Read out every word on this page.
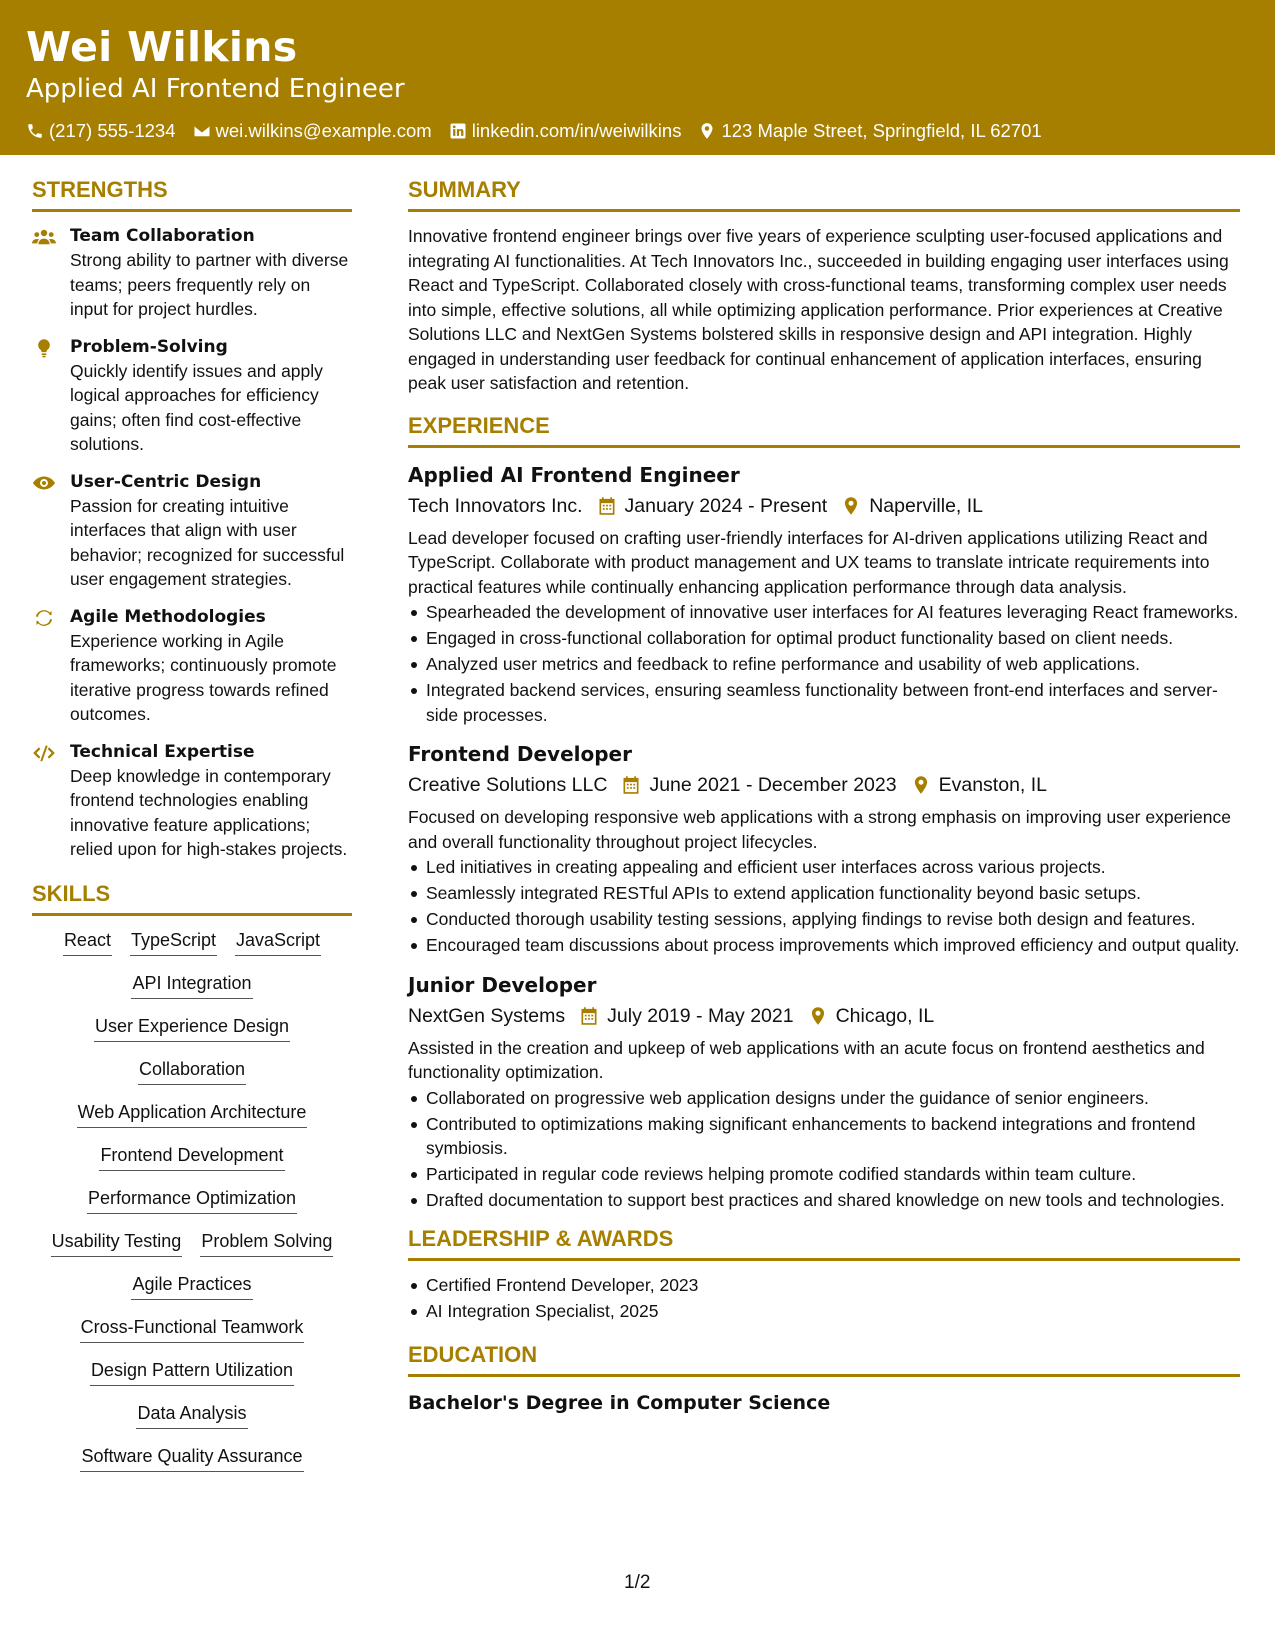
Wei Wilkins
Applied AI Frontend Engineer
(217) 555-1234 wei.wilkins@example.com linkedin.com/in/weiwilkins 123 Maple Street, Springfield, IL 62701
STRENGTHS
Team Collaboration
Strong ability to partner with diverse teams; peers frequently rely on input for project hurdles.
Problem-Solving
Quickly identify issues and apply logical approaches for efficiency gains; often find cost-effective solutions.
User-Centric Design
Passion for creating intuitive interfaces that align with user behavior; recognized for successful user engagement strategies.
Agile Methodologies
Experience working in Agile frameworks; continuously promote iterative progress towards refined outcomes.
Technical Expertise
Deep knowledge in contemporary frontend technologies enabling innovative feature applications; relied upon for high-stakes projects.
SKILLS
React TypeScript JavaScript
API Integration
User Experience Design
Collaboration
Web Application Architecture
Frontend Development
Performance Optimization
Usability Testing Problem Solving
Agile Practices
Cross-Functional Teamwork
Design Pattern Utilization
Data Analysis
Software Quality Assurance
SUMMARY
Innovative frontend engineer brings over five years of experience sculpting user-focused applications and integrating AI functionalities. At Tech Innovators Inc., succeeded in building engaging user interfaces using React and TypeScript. Collaborated closely with cross-functional teams, transforming complex user needs into simple, effective solutions, all while optimizing application performance. Prior experiences at Creative Solutions LLC and NextGen Systems bolstered skills in responsive design and API integration. Highly engaged in understanding user feedback for continual enhancement of application interfaces, ensuring peak user satisfaction and retention.
EXPERIENCE
Applied AI Frontend Engineer
Tech Innovators Inc. January 2024 - Present Naperville, IL
Lead developer focused on crafting user-friendly interfaces for AI-driven applications utilizing React and TypeScript. Collaborate with product management and UX teams to translate intricate requirements into practical features while continually enhancing application performance through data analysis.
Spearheaded the development of innovative user interfaces for AI features leveraging React frameworks.
Engaged in cross-functional collaboration for optimal product functionality based on client needs.
Analyzed user metrics and feedback to refine performance and usability of web applications.
Integrated backend services, ensuring seamless functionality between front-end interfaces and server-side processes.
Frontend Developer
Creative Solutions LLC June 2021 - December 2023 Evanston, IL
Focused on developing responsive web applications with a strong emphasis on improving user experience and overall functionality throughout project lifecycles.
Led initiatives in creating appealing and efficient user interfaces across various projects.
Seamlessly integrated RESTful APIs to extend application functionality beyond basic setups.
Conducted thorough usability testing sessions, applying findings to revise both design and features.
Encouraged team discussions about process improvements which improved efficiency and output quality.
Junior Developer
NextGen Systems July 2019 - May 2021 Chicago, IL
Assisted in the creation and upkeep of web applications with an acute focus on frontend aesthetics and functionality optimization.
Collaborated on progressive web application designs under the guidance of senior engineers.
Contributed to optimizations making significant enhancements to backend integrations and frontend symbiosis.
Participated in regular code reviews helping promote codified standards within team culture.
Drafted documentation to support best practices and shared knowledge on new tools and technologies.
LEADERSHIP & AWARDS
Certified Frontend Developer, 2023
AI Integration Specialist, 2025
EDUCATION
Bachelor's Degree in Computer Science
1/2
